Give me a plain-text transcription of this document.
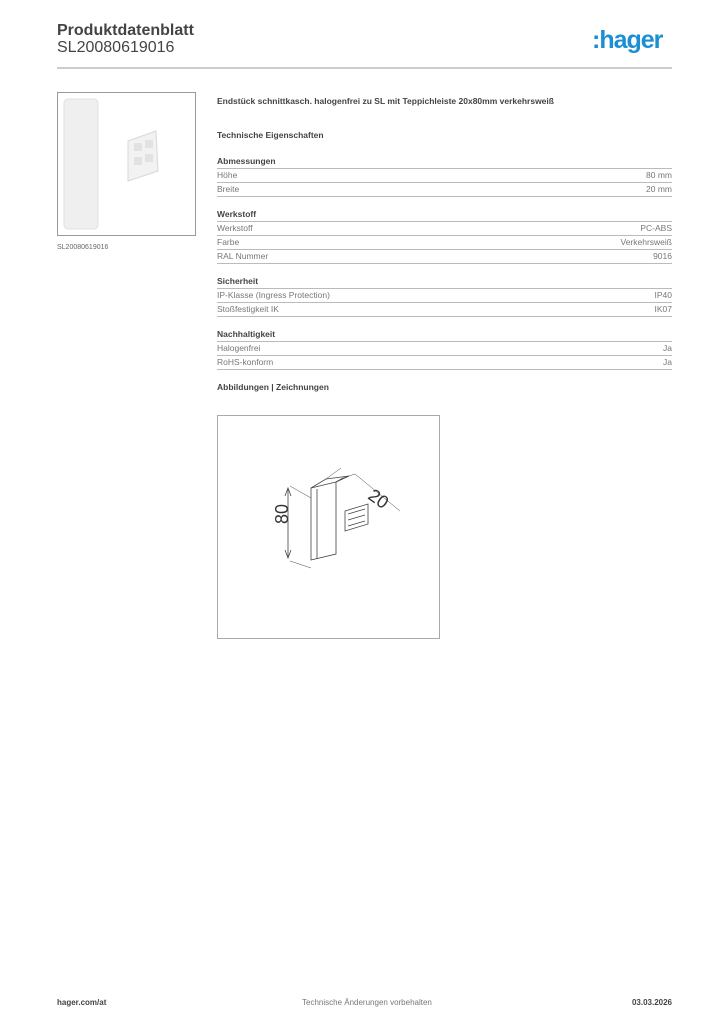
Produktdatenblatt
SL20080619016	:hager
SL20080619016
Endstück schnittkasch. halogenfrei zu SL mit Teppichleiste 20x80mm verkehrsweiß
Technische Eigenschaften
Abmessungen
Höhe	80 mm
Breite	20 mm
Werkstoff
Werkstoff	PC-ABS
Farbe	Verkehrsweiß
RAL Nummer	9016
Sicherheit
IP-Klasse (Ingress Protection)	IP40
Stoßfestigkeit IK	IK07
Nachhaltigkeit
Halogenfrei	Ja
RoHS-konform	Ja
Abbildungen | Zeichnungen
80
20
hager.com/at	Technische Änderungen vorbehalten	03.03.2026
